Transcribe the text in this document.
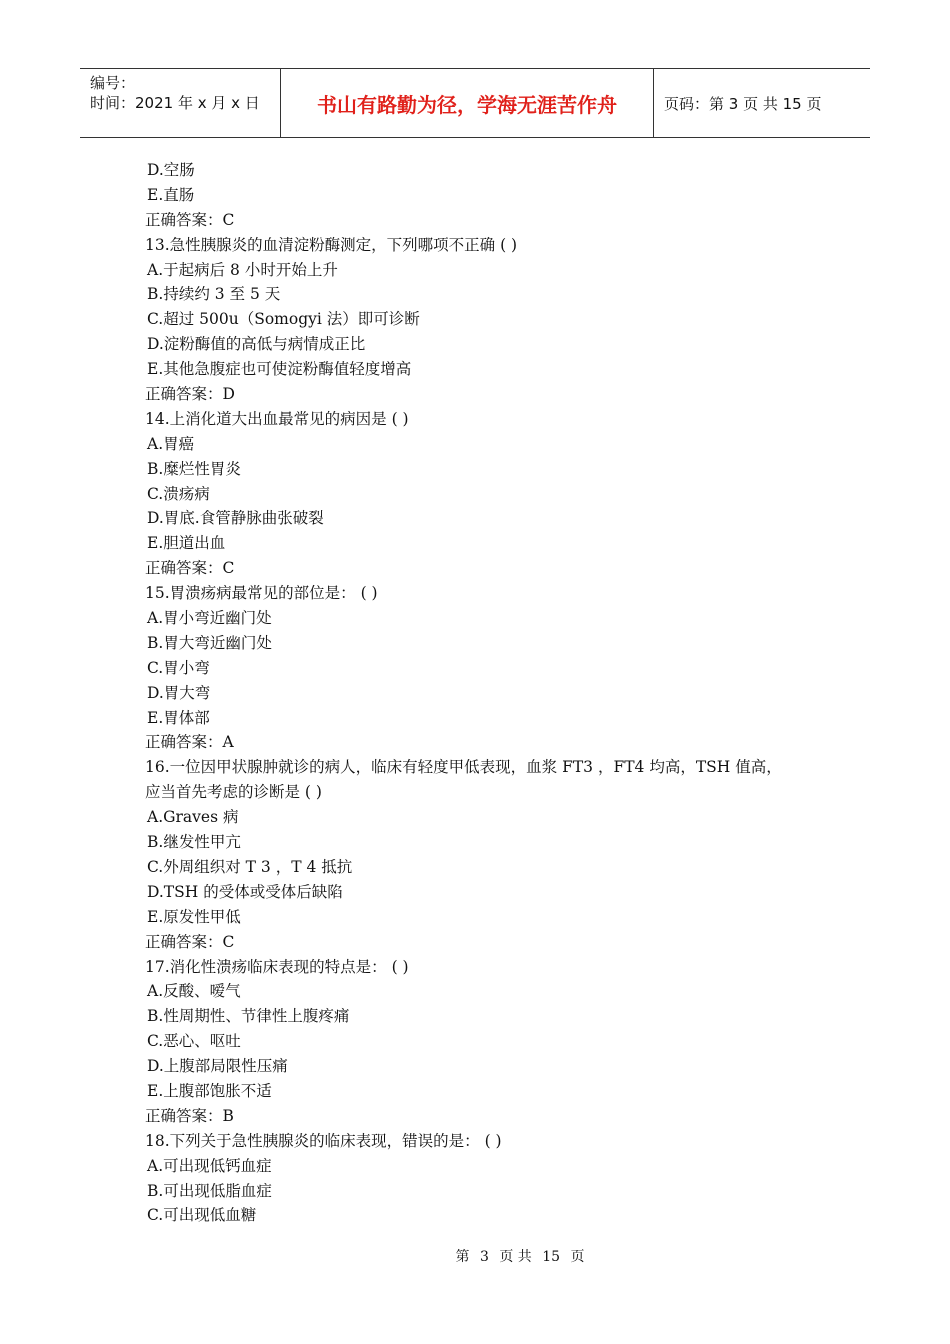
编号：
时间：2021 年 x 月 x 日	书山有路勤为径，学海无涯苦作舟	页码：第 3 页 共 15 页
D.空肠
E.直肠
正确答案：C
13.急性胰腺炎的血清淀粉酶测定，下列哪项不正确 ( )
A.于起病后 8 小时开始上升
B.持续约 3 至 5 天
C.超过 500u（Somogyi 法）即可诊断
D.淀粉酶值的高低与病情成正比
E.其他急腹症也可使淀粉酶值轻度增高
正确答案：D
14.上消化道大出血最常见的病因是 ( )
A.胃癌
B.糜烂性胃炎
C.溃疡病
D.胃底.食管静脉曲张破裂
E.胆道出血
正确答案：C
15.胃溃疡病最常见的部位是： ( )
A.胃小弯近幽门处
B.胃大弯近幽门处
C.胃小弯
D.胃大弯
E.胃体部
正确答案：A
16.一位因甲状腺肿就诊的病人，临床有轻度甲低表现，血浆 FT3 ，FT4 均高，TSH 值高，
应当首先考虑的诊断是 ( )
A.Graves 病
B.继发性甲亢
C.外周组织对 T 3 ，T 4 抵抗
D.TSH 的受体或受体后缺陷
E.原发性甲低
正确答案：C
17.消化性溃疡临床表现的特点是： ( )
A.反酸、嗳气
B.性周期性、节律性上腹疼痛
C.恶心、呕吐
D.上腹部局限性压痛
E.上腹部饱胀不适
正确答案：B
18.下列关于急性胰腺炎的临床表现，错误的是： ( )
A.可出现低钙血症
B.可出现低脂血症
C.可出现低血糖
第 3 页 共 15 页
